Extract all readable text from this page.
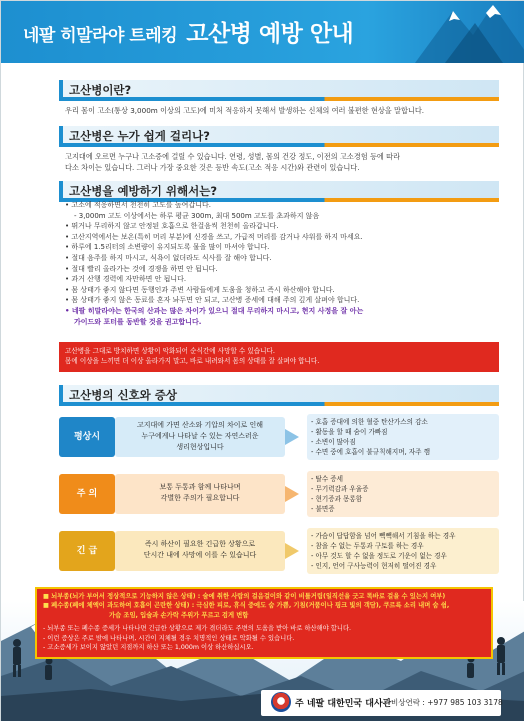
네팔 히말라야 트레킹 고산병 예방 안내
고산병이란?
우리 몸이 고소(통상 3,000m 이상의 고도)에 미처 적응하지 못해서 발생하는 신체의 여러 불편한 현상을 말합니다.
고산병은 누가 쉽게 걸리나?
고지대에 오르면 누구나 고소증에 걸릴 수 있습니다. 연령, 성별, 몸의 건강 정도, 이전의 고소경험 등에 따라
다소 차이는 있습니다. 그러나 가장 중요한 것은 등반 속도(고소 적응 시간)와 관련이 있습니다.
고산병을 예방하기 위해서는?
• 고소에 적응하면서 천천히 고도를 높여갑니다.
- 3,000m 고도 이상에서는 하루 평균 300m, 최대 500m 고도를 초과하지 않음
• 뛰거나 무리하지 않고 안정된 호흡으로 한걸음씩 천천히 올라갑니다.
• 고산지역에서는 보온(특히 머리 부분)에 신경을 쓰고, 가급적 머리를 감거나 샤워를 하지 마세요.
• 하루에 1.5리터의 소변량이 유지되도록 물을 많이 마셔야 합니다.
• 절대 음주를 하지 마시고, 식욕이 없더라도 식사를 잘 해야 합니다.
• 절대 빨리 올라가는 것에 경쟁을 하면 안 됩니다.
• 과거 산행 경력에 자만하면 안 됩니다.
• 몸 상태가 좋지 않다면 동행인과 주변 사람들에게 도움을 청하고 즉시 하산해야 합니다.
• 몸 상태가 좋지 않은 동료를 혼자 놔두면 안 되고, 고산병 증세에 대해 주의 깊게 살펴야 합니다.
• 네팔 히말라야는 한국의 산과는 많은 차이가 있으니 절대 무리하지 마시고, 현지 사정을 잘 아는
가이드와 포터를 동반할 것을 권고합니다.
고산병을 그대로 방치하면 상황이 악화되어 순식간에 사망할 수 있습니다.
몸에 이상을 느끼면 더 이상 올라가지 말고, 바로 내려와서 몸의 상태를 잘 살펴야 합니다.
고산병의 신호와 증상
평상시
고지대에 가면 산소와 기압의 차이로 인해
누구에게나 나타날 수 있는 자연스러운
생리현상입니다
- 호흡 증대에 의한 혈중 탄산가스의 감소
- 활동을 할 때 숨이 가빠짐
- 소변이 많아짐
- 수면 중에 호흡이 불규칙해지며, 자주 깸
주 의
보통 두통과 함께 나타나며
각별한 주의가 필요합니다
- 탈수 증세
- 무기력감과 우울증
- 현기증과 몽롱함
- 불면증
긴 급
즉시 하산이 필요한 긴급한 상황으로
단시간 내에 사망에 이를 수 있습니다
- 가슴이 답답함을 넘어 빽빽해서 기침을 하는 경우
- 참을 수 없는 두통과 구토를 하는 경우
- 아무 것도 할 수 없을 정도로 기운이 없는 경우
- 인지, 언어 구사능력이 현저히 떨어진 경우
■ 뇌부종(뇌가 부어서 정상적으로 기능하지 않은 상태) : 술에 취한 사람의 걸음걸이와 같이 비틀거림(일직선을 긋고 똑바로 걸을 수 있는지 여부)
■ 폐수종(폐에 체액이 과도하여 호흡이 곤란한 상태) : 극심한 피로, 휴식 중에도 숨 가쁨, 기침(거품이나 핑크 빛의 객담), 쿠르륵 소리 내며 숨 쉼,
가슴 조임, 입술과 손가락 주위가 푸르고 검게 변함
- 뇌부종 또는 폐수종 증세가 나타나면 긴급한 상황으로 제가 겪더라도 주변의 도움을 받아 바로 하산해야 합니다.
- 이런 증상은 주로 밤에 나타나며, 시간이 지체될 경우 치명적인 상태로 악화될 수 있습니다.
- 고소증세가 보이지 않았던 지점까지 하산 또는 1,000m 이상 하산하십시오.
주 네팔 대한민국 대사관 비상연락 : +977 985 103 3178
